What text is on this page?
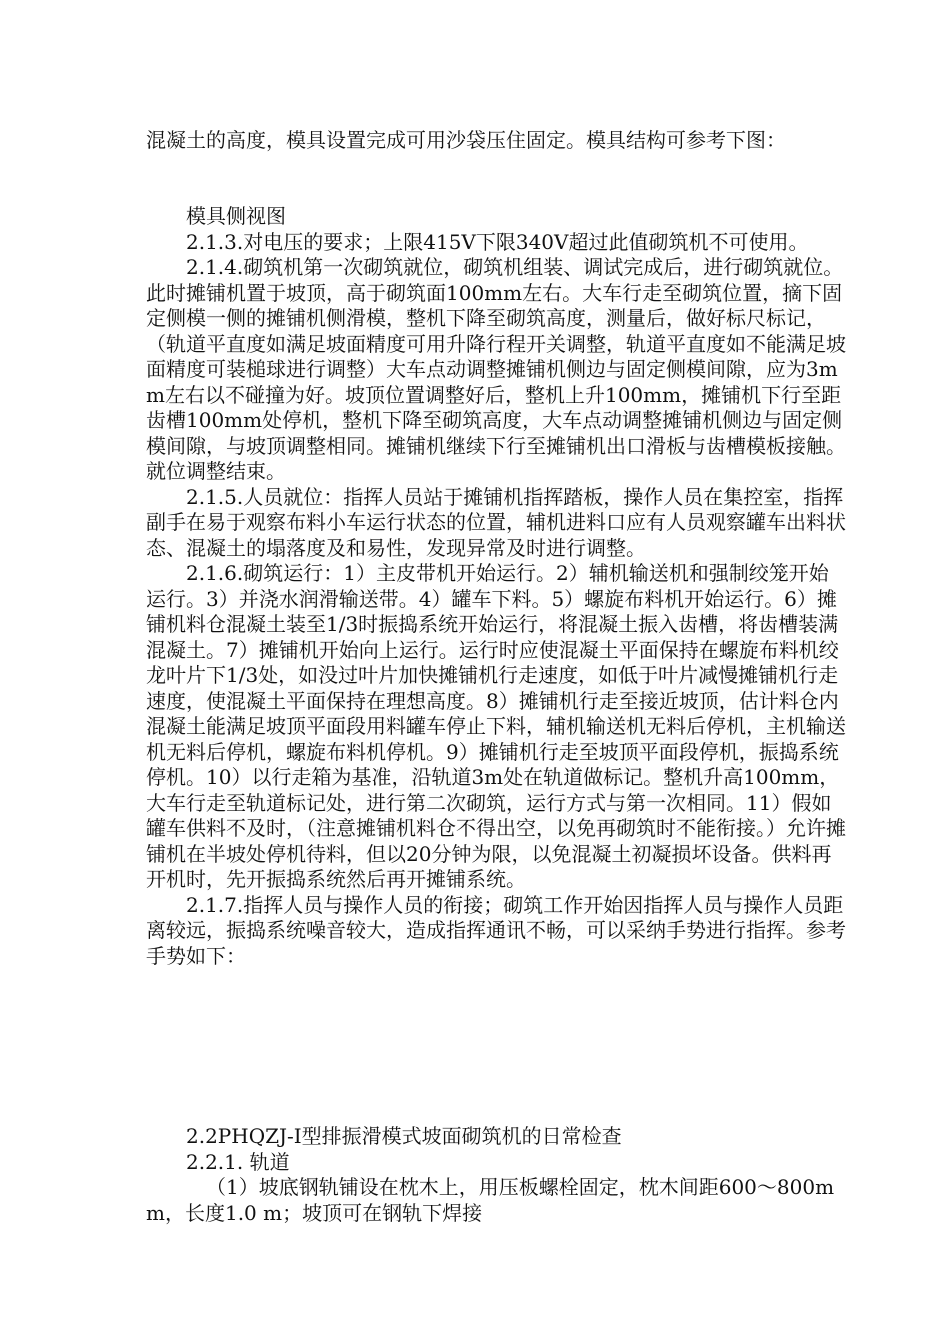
混凝土的高度，模具设置完成可用沙袋压住固定。模具结构可参考下图：

模具侧视图

2.1.3.对电压的要求；上限415V下限340V超过此值砌筑机不可使用。

2.1.4.砌筑机第一次砌筑就位，砌筑机组装、调试完成后，进行砌筑就位。此时摊铺机置于坡顶，高于砌筑面100mm左右。大车行走至砌筑位置，摘下固定侧模一侧的摊铺机侧滑模，整机下降至砌筑高度，测量后，做好标尺标记，（轨道平直度如满足坡面精度可用升降行程开关调整，轨道平直度如不能满足坡面精度可装槌球进行调整）大车点动调整摊铺机侧边与固定侧模间隙，应为3mm左右以不碰撞为好。坡顶位置调整好后，整机上升100mm，摊铺机下行至距齿槽100mm处停机，整机下降至砌筑高度，大车点动调整摊铺机侧边与固定侧模间隙，与坡顶调整相同。摊铺机继续下行至摊铺机出口滑板与齿槽模板接触。就位调整结束。

2.1.5.人员就位：指挥人员站于摊铺机指挥踏板，操作人员在集控室，指挥副手在易于观察布料小车运行状态的位置，辅机进料口应有人员观察罐车出料状态、混凝土的塌落度及和易性，发现异常及时进行调整。

2.1.6.砌筑运行：1）主皮带机开始运行。2）辅机输送机和强制绞笼开始运行。3）并浇水润滑输送带。4）罐车下料。5）螺旋布料机开始运行。6）摊铺机料仓混凝土装至1/3时振捣系统开始运行，将混凝土振入齿槽，将齿槽装满混凝土。7）摊铺机开始向上运行。运行时应使混凝土平面保持在螺旋布料机绞龙叶片下1/3处，如没过叶片加快摊铺机行走速度，如低于叶片减慢摊铺机行走速度，使混凝土平面保持在理想高度。8）摊铺机行走至接近坡顶，估计料仓内混凝土能满足坡顶平面段用料罐车停止下料，辅机输送机无料后停机，主机输送机无料后停机，螺旋布料机停机。9）摊铺机行走至坡顶平面段停机，振捣系统停机。10）以行走箱为基准，沿轨道3m处在轨道做标记。整机升高100mm，大车行走至轨道标记处，进行第二次砌筑，运行方式与第一次相同。11）假如罐车供料不及时，（注意摊铺机料仓不得出空，以免再砌筑时不能衔接。）允许摊铺机在半坡处停机待料，但以20分钟为限，以免混凝土初凝损坏设备。供料再开机时，先开振捣系统然后再开摊铺系统。

2.1.7.指挥人员与操作人员的衔接；砌筑工作开始因指挥人员与操作人员距离较远，振捣系统噪音较大，造成指挥通讯不畅，可以采纳手势进行指挥。参考手势如下：

2.2PHQZJ-Ⅰ型排振滑模式坡面砌筑机的日常检查

2.2.1. 轨道

（1）坡底钢轨铺设在枕木上，用压板螺栓固定，枕木间距600～800mm，长度1.0 m；坡顶可在钢轨下焊接
